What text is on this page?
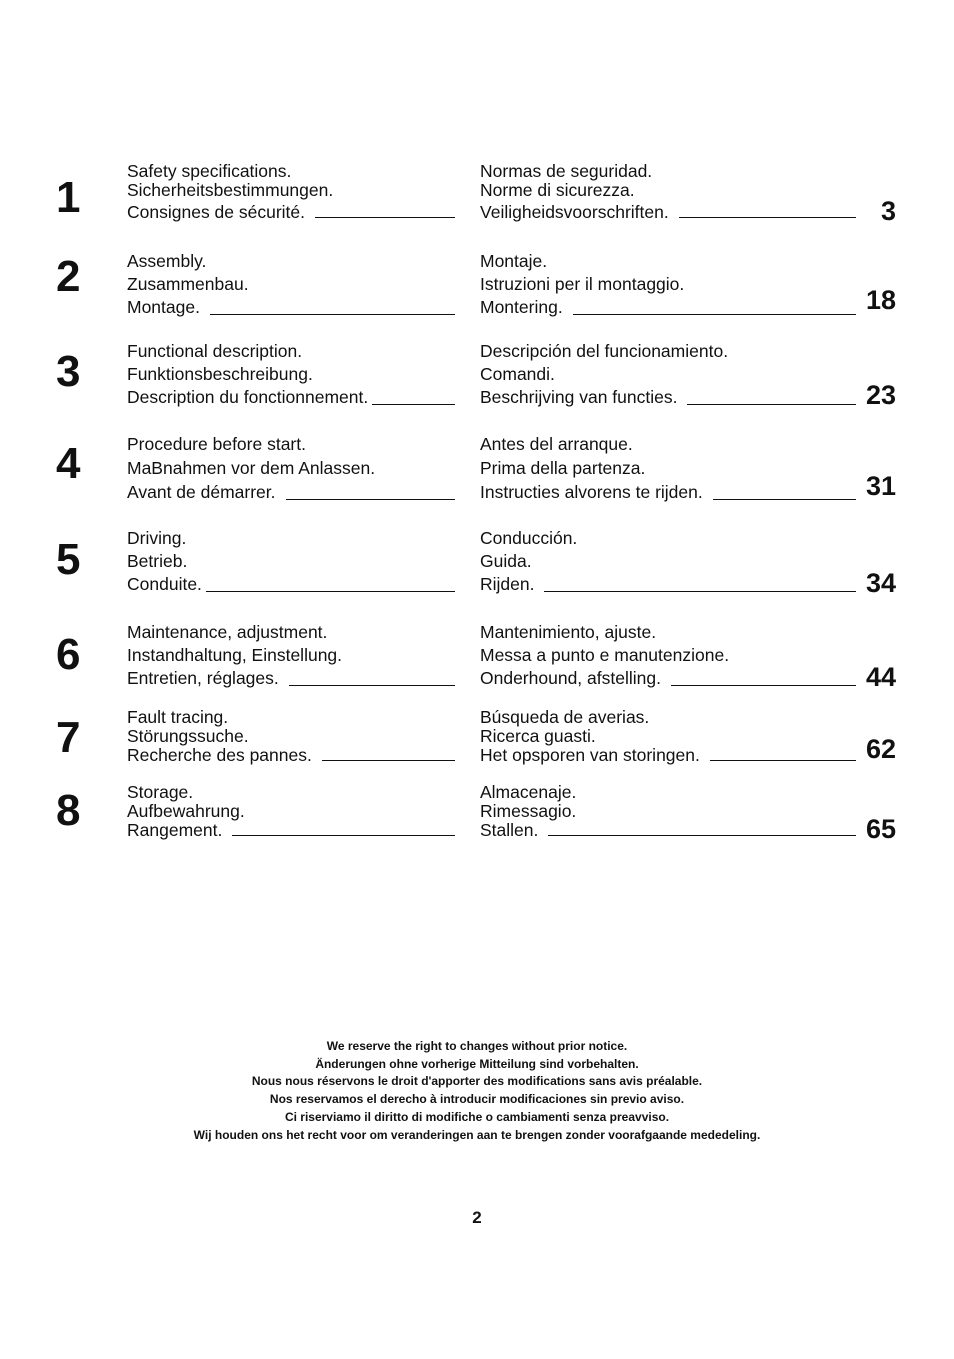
1
Safety specifications.
Sicherheitsbestimmungen.
Consignes de sécurité.
Normas de seguridad.
Norme di sicurezza.
Veiligheidsvoorschriften.	3
2	Assembly.
Zusammenbau.
Montage.
Montaje.
Istruzioni per il montaggio.
Montering.	18
3	Functional description.
Funktionsbeschreibung.
Description du fonctionnement.
Descripción del funcionamiento.
Comandi.
Beschrijving van functies.	23
4	Procedure before start.
MaBnahmen vor dem Anlassen.
Avant de démarrer.
Antes del arranque.
Prima della partenza.
Instructies alvorens te rijden.	31
5	Driving.
Betrieb.
Conduite.
Conducción.
Guida.
Rijden.	34
6	Maintenance, adjustment.
Instandhaltung, Einstellung.
Entretien, réglages.
Mantenimiento, ajuste.
Messa a punto e manutenzione.
Onderhound, afstelling.	44
7	Fault tracing.
Störungssuche.
Recherche des pannes.
Búsqueda de averias.
Ricerca guasti.
Het opsporen van storingen.	62
8	Storage.
Aufbewahrung.
Rangement.
Almacenaje.
Rimessagio.
Stallen.	65
We reserve the right to changes without prior notice.
Änderungen ohne vorherige Mitteilung sind vorbehalten.
Nous nous réservons le droit d'apporter des modifications sans avis préalable.
Nos reservamos el derecho à introducir modificaciones sin previo aviso.
Ci riserviamo il diritto di modifiche o cambiamenti senza preavviso.
Wij houden ons het recht voor om veranderingen aan te brengen zonder voorafgaande mededeling.
2
